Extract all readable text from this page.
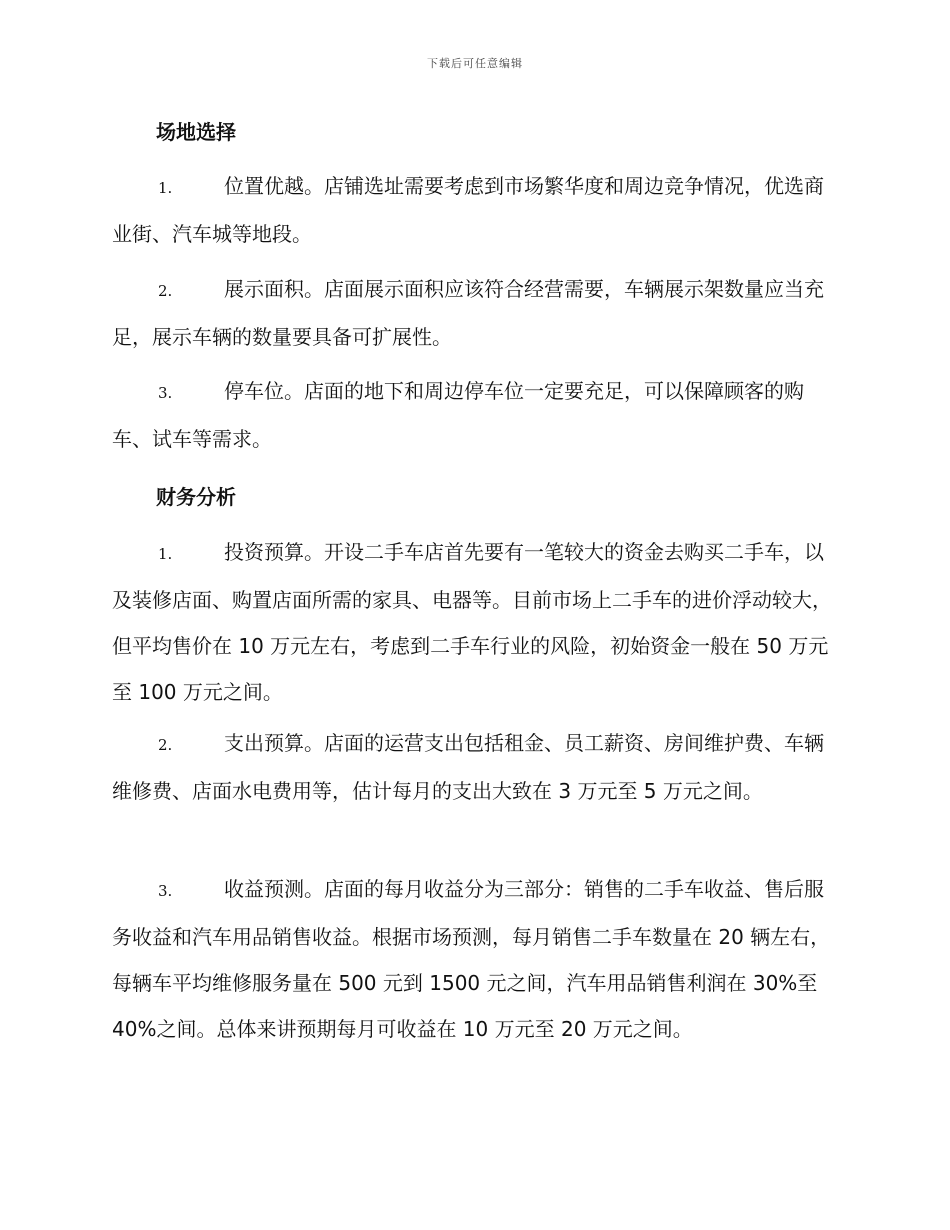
下载后可任意编辑
场地选择

1.	位置优越。店铺选址需要考虑到市场繁华度和周边竞争情况，优选商业街、汽车城等地段。

2.	展示面积。店面展示面积应该符合经营需要，车辆展示架数量应当充足，展示车辆的数量要具备可扩展性。

3.	停车位。店面的地下和周边停车位一定要充足，可以保障顾客的购车、试车等需求。

财务分析

1.	投资预算。开设二手车店首先要有一笔较大的资金去购买二手车，以及装修店面、购置店面所需的家具、电器等。目前市场上二手车的进价浮动较大，但平均售价在 10 万元左右，考虑到二手车行业的风险，初始资金一般在 50 万元至 100 万元之间。

2.	支出预算。店面的运营支出包括租金、员工薪资、房间维护费、车辆维修费、店面水电费用等，估计每月的支出大致在 3 万元至 5 万元之间。

3.	收益预测。店面的每月收益分为三部分：销售的二手车收益、售后服务收益和汽车用品销售收益。根据市场预测，每月销售二手车数量在 20 辆左右，每辆车平均维修服务量在 500 元到 1500 元之间，汽车用品销售利润在 30%至 40%之间。总体来讲预期每月可收益在 10 万元至 20 万元之间。
